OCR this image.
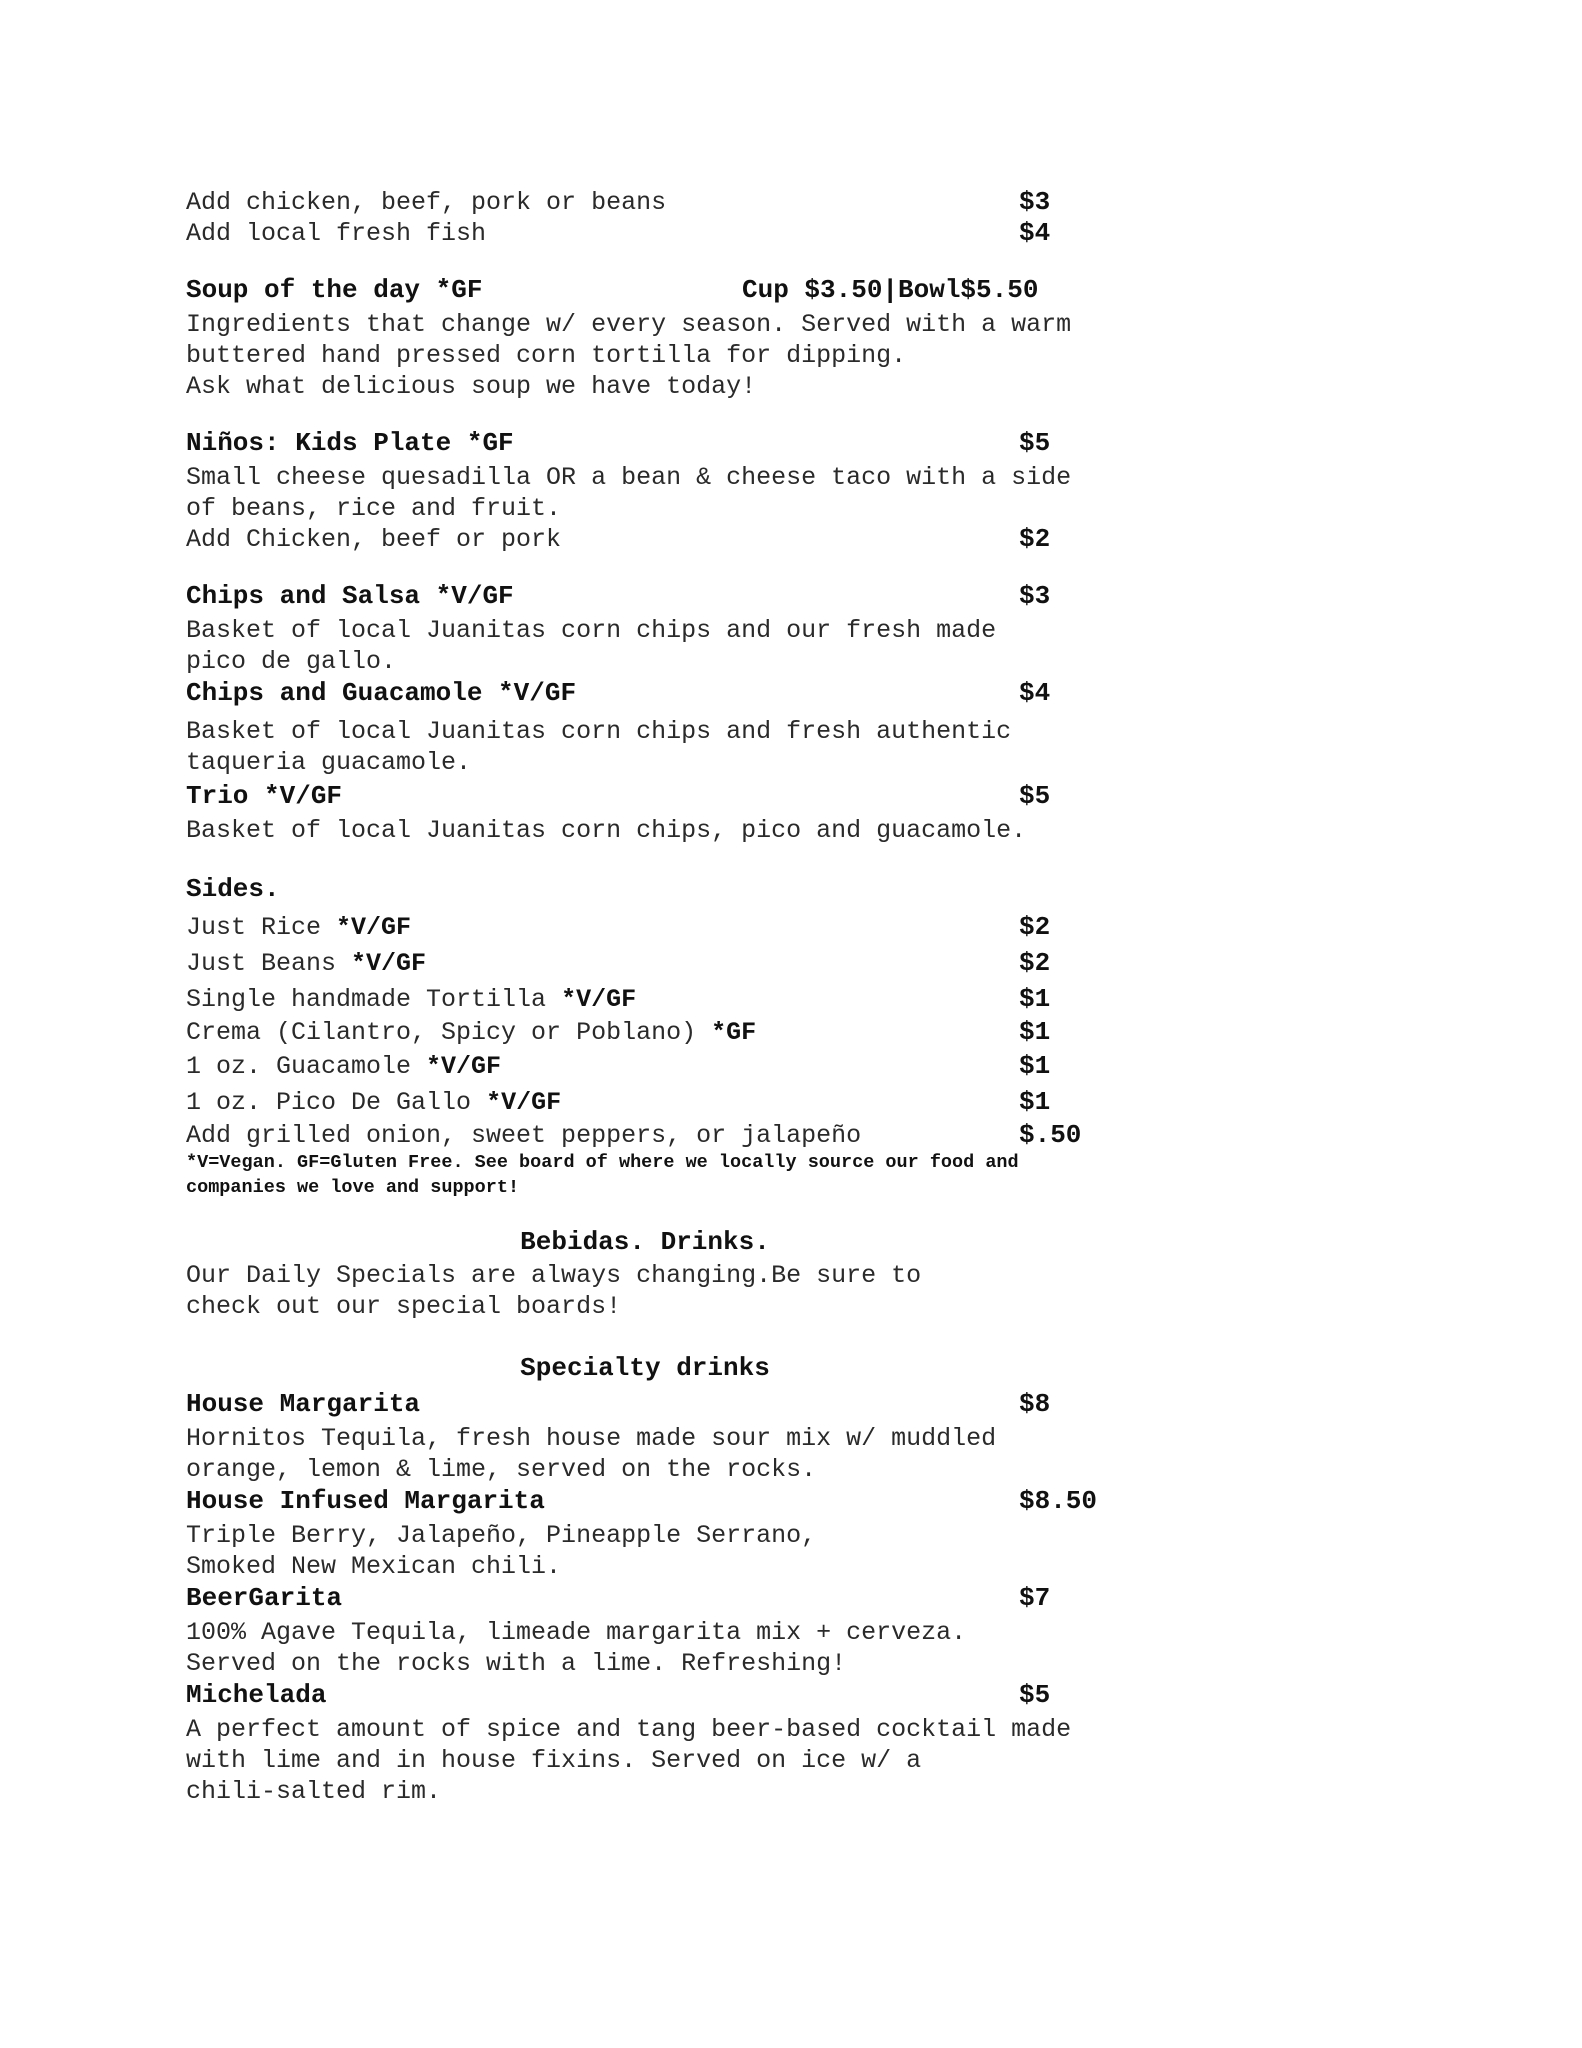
Add chicken, beef, pork or beans	$3

Add local fresh fish	$4

Soup of the day *GF	Cup $3.50|Bowl$5.50

Ingredients that change w/ every season. Served with a warm

buttered hand pressed corn tortilla for dipping.

Ask what delicious soup we have today!

Niños: Kids Plate *GF	$5

Small cheese quesadilla OR a bean & cheese taco with a side

of beans, rice and fruit.

Add Chicken, beef or pork	$2

Chips and Salsa *V/GF	$3

Basket of local Juanitas corn chips and our fresh made

pico de gallo.

Chips and Guacamole *V/GF	$4

Basket of local Juanitas corn chips and fresh authentic

taqueria guacamole.

Trio *V/GF	$5

Basket of local Juanitas corn chips, pico and guacamole.

Sides.

Just Rice *V/GF	$2

Just Beans *V/GF	$2

Single handmade Tortilla *V/GF	$1

Crema (Cilantro, Spicy or Poblano) *GF	$1

1 oz. Guacamole *V/GF	$1

1 oz. Pico De Gallo *V/GF	$1

Add grilled onion, sweet peppers, or jalapeño	$.50

*V=Vegan. GF=Gluten Free. See board of where we locally source our food and

companies we love and support!

Bebidas. Drinks.

Our Daily Specials are always changing.Be sure to

check out our special boards!

Specialty drinks

House Margarita	$8

Hornitos Tequila, fresh house made sour mix w/ muddled

orange, lemon & lime, served on the rocks.

House Infused Margarita	$8.50

Triple Berry, Jalapeño, Pineapple Serrano,

Smoked New Mexican chili.

BeerGarita	$7

100% Agave Tequila, limeade margarita mix + cerveza.

Served on the rocks with a lime. Refreshing!

Michelada	$5

A perfect amount of spice and tang beer-based cocktail made

with lime and in house fixins. Served on ice w/ a

chili-salted rim.
